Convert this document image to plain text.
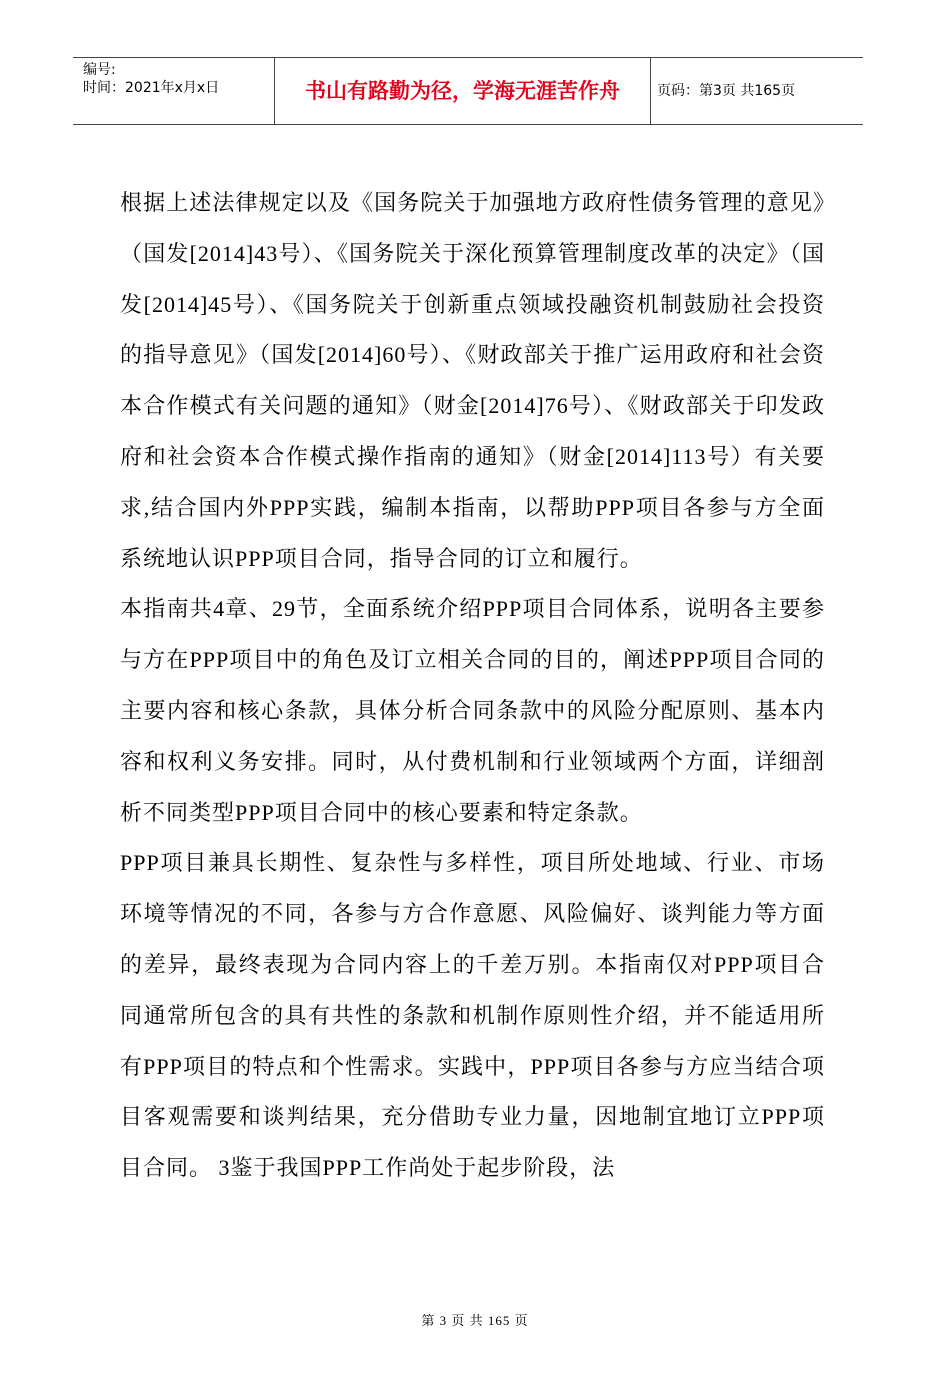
编号:
时间：2021年x月x日	书山有路勤为径，学海无涯苦作舟	页码：第3页 共165页

根据上述法律规定以及《国务院关于加强地方政府性债务管理的意见》（国发[2014]43号）、《国务院关于深化预算管理制度改革的决定》（国发[2014]45号）、《国务院关于创新重点领域投融资机制鼓励社会投资的指导意见》（国发[2014]60号）、《财政部关于推广运用政府和社会资本合作模式有关问题的通知》（财金[2014]76号）、《财政部关于印发政府和社会资本合作模式操作指南的通知》（财金[2014]113号）有关要求,结合国内外PPP实践，编制本指南，以帮助PPP项目各参与方全面系统地认识PPP项目合同，指导合同的订立和履行。

本指南共4章、29节，全面系统介绍PPP项目合同体系，说明各主要参与方在PPP项目中的角色及订立相关合同的目的，阐述PPP项目合同的主要内容和核心条款，具体分析合同条款中的风险分配原则、基本内容和权利义务安排。同时，从付费机制和行业领域两个方面，详细剖析不同类型PPP项目合同中的核心要素和特定条款。

PPP项目兼具长期性、复杂性与多样性，项目所处地域、行业、市场环境等情况的不同，各参与方合作意愿、风险偏好、谈判能力等方面的差异，最终表现为合同内容上的千差万别。本指南仅对PPP项目合同通常所包含的具有共性的条款和机制作原则性介绍，并不能适用所有PPP项目的特点和个性需求。实践中，PPP项目各参与方应当结合项目客观需要和谈判结果，充分借助专业力量，因地制宜地订立PPP项目合同。 3鉴于我国PPP工作尚处于起步阶段，法

第 3 页 共 165 页
